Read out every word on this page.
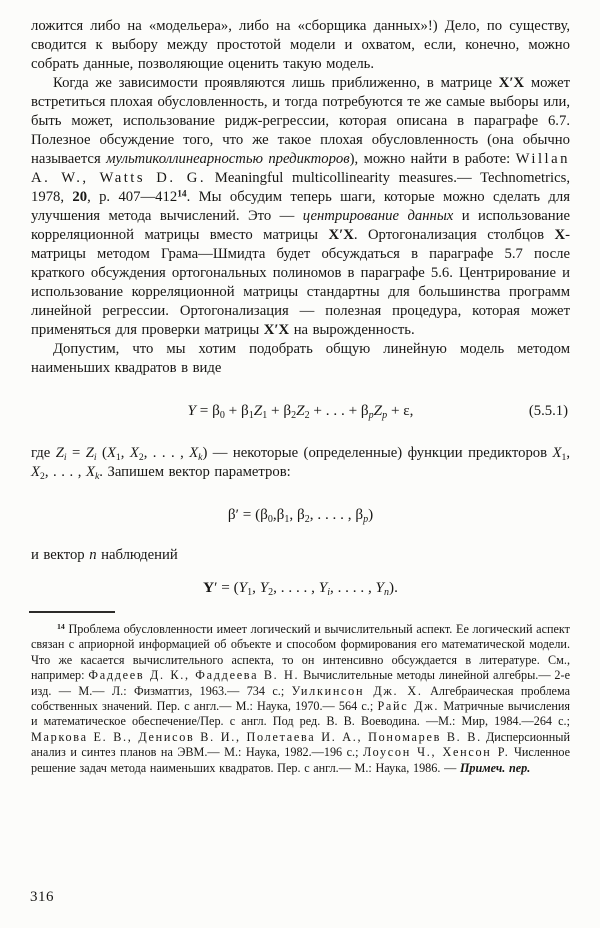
ложится либо на «модельера», либо на «сборщика данных»!) Дело, по существу, сводится к выбору между простотой модели и охватом, если, конечно, можно собрать данные, позволяющие оценить такую модель.

Когда же зависимости проявляются лишь приближенно, в матрице X′X может встретиться плохая обусловленность, и тогда потребуются те же самые выборы или, быть может, использование ридж-регрессии, которая описана в параграфе 6.7. Полезное обсуждение того, что же такое плохая обусловленность (она обычно называется мультиколлинеарностью предикторов), можно найти в работе: Willan A. W., Watts D. G. Meaningful multicollinearity measures.— Technometrics, 1978, 20, p. $407—412^{14}$. Мы обсудим теперь шаги, которые можно сделать для улучшения метода вычислений. Это — центрирование данных и использование корреляционной матрицы вместо матрицы X′X. Ортогонализация столбцов X-матрицы методом Грама—Шмидта будет обсуждаться в параграфе 5.7 после краткого обсуждения ортогональных полиномов в параграфе 5.6. Центрирование и использование корреляционной матрицы стандартны для большинства программ линейной регрессии. Ортогонализация — полезная процедура, которая может применяться для проверки матрицы X′X на вырожденность.

Допустим, что мы хотим подобрать общую линейную модель методом наименьших квадратов в виде

Y = β0 + β1Z1 + β2Z2 + . . . + βpZp + ε,	(5.5.1)

где Zi = Zi (X1, X2, . . . , Xk) — некоторые (определенные) функции предикторов X1, X2, . . . , Xk. Запишем вектор параметров:

β′ = (β0,β1, β2, . . . . , βp)

и вектор n наблюдений

Y′ = (Y1, Y2, . . . . , Yi, . . . . , Yn).

$^{14}$ Проблема обусловленности имеет логический и вычислительный аспект. Ее логический аспект связан с априорной информацией об объекте и способом формирования его математической модели. Что же касается вычислительного аспекта, то он интенсивно обсуждается в литературе. См., например: Фаддеев Д. К., Фаддеева В. Н. Вычислительные методы линейной алгебры.— 2-е изд. — М.— Л.: Физматгиз, 1963.— 734 с.; Уилкинсон Дж. Х. Алгебраическая проблема собственных значений. Пер. с англ.— М.: Наука, 1970.— 564 с.; Райс Дж. Матричные вычисления и математическое обеспечение/Пер. с англ. Под ред. В. В. Воеводина. —М.: Мир, 1984.—264 с.; Маркова Е. В., Денисов В. И., Полетаева И. А., Пономарев В. В. Дисперсионный анализ и синтез планов на ЭВМ.— М.: Наука, 1982.—196 с.; Лоусон Ч., Хенсон Р. Численное решение задач метода наименьших квадратов. Пер. с англ.— М.: Наука, 1986. — Примеч. пер.

316
